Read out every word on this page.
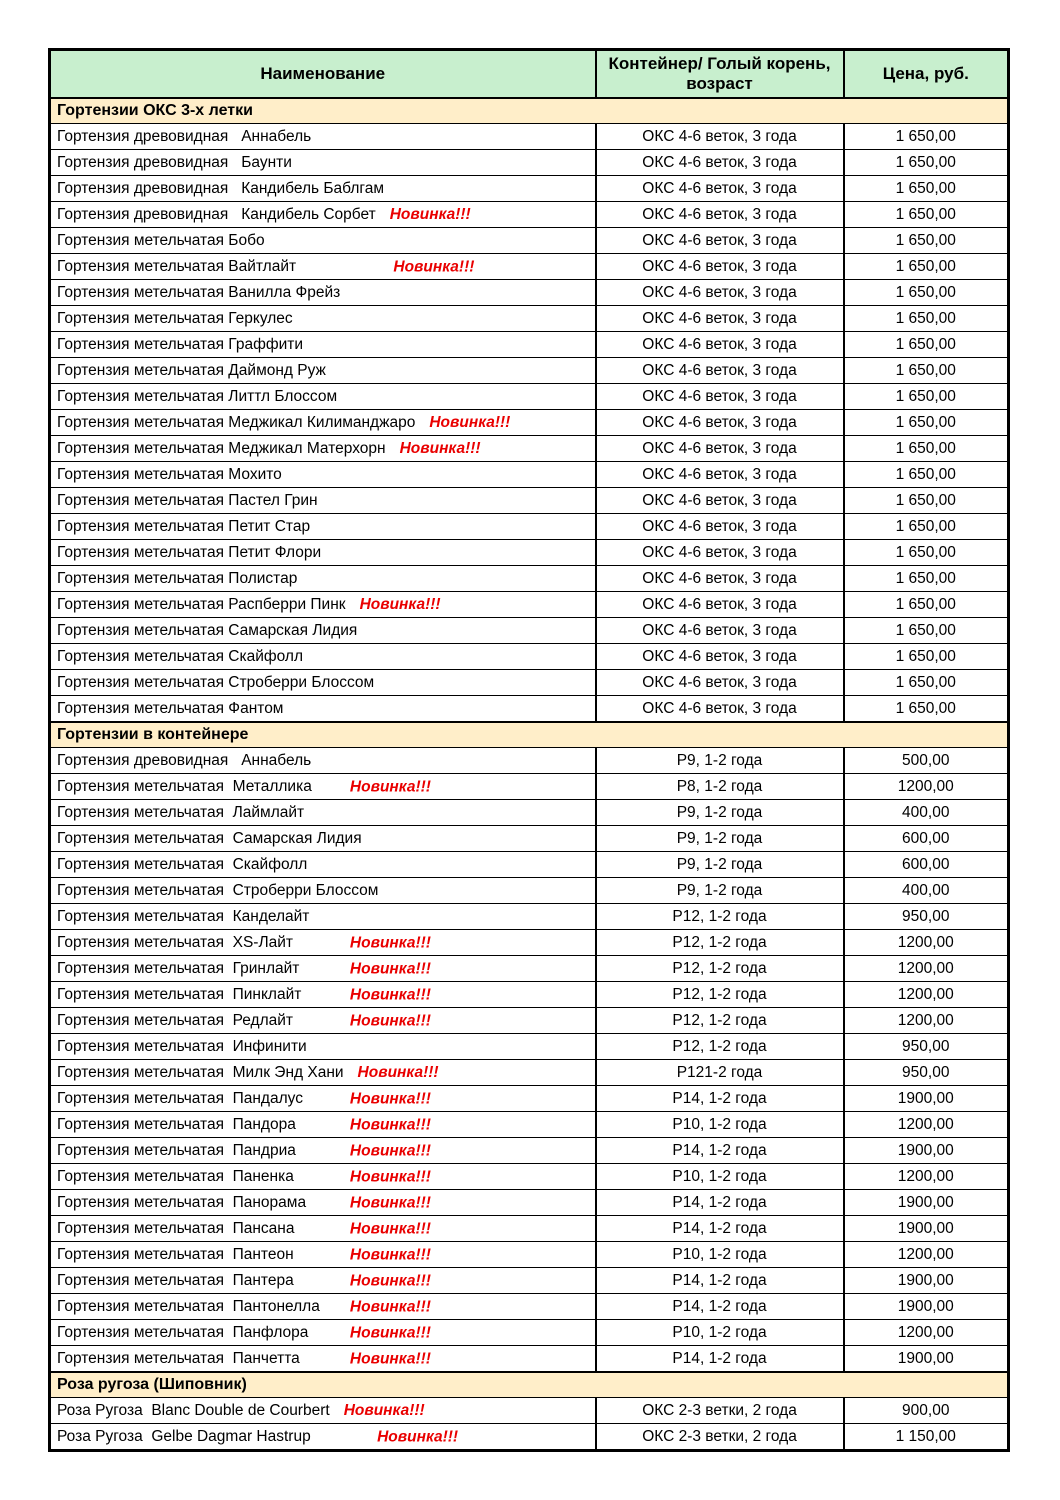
Наименование	Контейнер/ Голый корень, возраст	Цена, руб.
Гортензии ОКС 3-х летки		
Гортензия древовидная   Аннабель	ОКС 4-6 веток, 3 года	1 650,00
Гортензия древовидная   Баунти	ОКС 4-6 веток, 3 года	1 650,00
Гортензия древовидная   Кандибель Баблгам	ОКС 4-6 веток, 3 года	1 650,00
Гортензия древовидная   Кандибель Сорбет Новинка!!!	ОКС 4-6 веток, 3 года	1 650,00
Гортензия метельчатая Бобо	ОКС 4-6 веток, 3 года	1 650,00
Гортензия метельчатая Вайтлайт Новинка!!!	ОКС 4-6 веток, 3 года	1 650,00
Гортензия метельчатая Ванилла Фрейз	ОКС 4-6 веток, 3 года	1 650,00
Гортензия метельчатая Геркулес	ОКС 4-6 веток, 3 года	1 650,00
Гортензия метельчатая Граффити	ОКС 4-6 веток, 3 года	1 650,00
Гортензия метельчатая Даймонд Руж	ОКС 4-6 веток, 3 года	1 650,00
Гортензия метельчатая Литтл Блоссом	ОКС 4-6 веток, 3 года	1 650,00
Гортензия метельчатая Меджикал Килиманджаро Новинка!!!	ОКС 4-6 веток, 3 года	1 650,00
Гортензия метельчатая Меджикал Матерхорн Новинка!!!	ОКС 4-6 веток, 3 года	1 650,00
Гортензия метельчатая Мохито	ОКС 4-6 веток, 3 года	1 650,00
Гортензия метельчатая Пастел Грин	ОКС 4-6 веток, 3 года	1 650,00
Гортензия метельчатая Петит Стар	ОКС 4-6 веток, 3 года	1 650,00
Гортензия метельчатая Петит Флори	ОКС 4-6 веток, 3 года	1 650,00
Гортензия метельчатая Полистар	ОКС 4-6 веток, 3 года	1 650,00
Гортензия метельчатая Распберри Пинк Новинка!!!	ОКС 4-6 веток, 3 года	1 650,00
Гортензия метельчатая Самарская Лидия	ОКС 4-6 веток, 3 года	1 650,00
Гортензия метельчатая Скайфолл	ОКС 4-6 веток, 3 года	1 650,00
Гортензия метельчатая Строберри Блоссом	ОКС 4-6 веток, 3 года	1 650,00
Гортензия метельчатая Фантом	ОКС 4-6 веток, 3 года	1 650,00
Гортензии в контейнере		
Гортензия древовидная   Аннабель	P9, 1-2 года	500,00
Гортензия метельчатая  Металлика Новинка!!!	P8, 1-2 года	1200,00
Гортензия метельчатая  Лаймлайт	P9, 1-2 года	400,00
Гортензия метельчатая  Самарская Лидия	P9, 1-2 года	600,00
Гортензия метельчатая  Скайфолл	P9, 1-2 года	600,00
Гортензия метельчатая  Строберри Блоссом	P9, 1-2 года	400,00
Гортензия метельчатая  Канделайт	P12, 1-2 года	950,00
Гортензия метельчатая  XS-Лайт Новинка!!!	P12, 1-2 года	1200,00
Гортензия метельчатая  Гринлайт Новинка!!!	P12, 1-2 года	1200,00
Гортензия метельчатая  Пинклайт Новинка!!!	P12, 1-2 года	1200,00
Гортензия метельчатая  Редлайт Новинка!!!	P12, 1-2 года	1200,00
Гортензия метельчатая  Инфинити	P12, 1-2 года	950,00
Гортензия метельчатая  Милк Энд Хани Новинка!!!	P121-2 года	950,00
Гортензия метельчатая  Пандалус Новинка!!!	P14, 1-2 года	1900,00
Гортензия метельчатая  Пандора Новинка!!!	P10, 1-2 года	1200,00
Гортензия метельчатая  Пандриа Новинка!!!	P14, 1-2 года	1900,00
Гортензия метельчатая  Паненка Новинка!!!	P10, 1-2 года	1200,00
Гортензия метельчатая  Панорама Новинка!!!	P14, 1-2 года	1900,00
Гортензия метельчатая  Пансана Новинка!!!	P14, 1-2 года	1900,00
Гортензия метельчатая  Пантеон Новинка!!!	P10, 1-2 года	1200,00
Гортензия метельчатая  Пантера Новинка!!!	P14, 1-2 года	1900,00
Гортензия метельчатая  Пантонелла Новинка!!!	P14, 1-2 года	1900,00
Гортензия метельчатая  Панфлора Новинка!!!	P10, 1-2 года	1200,00
Гортензия метельчатая  Панчетта Новинка!!!	P14, 1-2 года	1900,00
Роза ругоза (Шиповник)		
Роза Ругоза  Blanc Double de Courbert Новинка!!!	ОКС 2-3 ветки, 2 года	900,00
Роза Ругоза  Gelbe Dagmar Hastrup Новинка!!!	ОКС 2-3 ветки, 2 года	1 150,00
